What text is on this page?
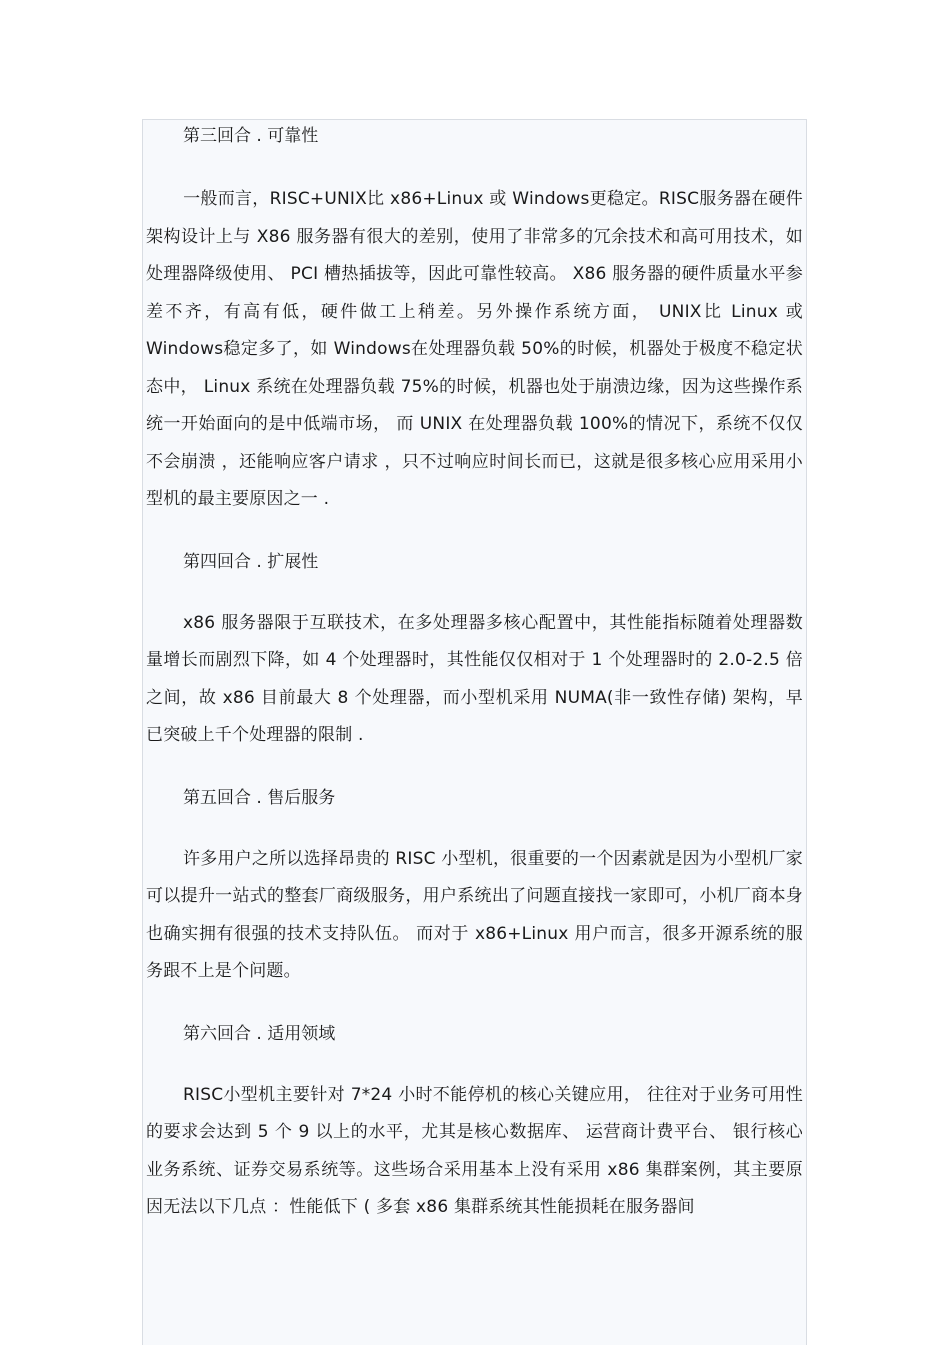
第三回合 . 可靠性

一般而言，RISC+UNIX比 x86+Linux 或 Windows更稳定。RISC服务器在硬件架构设计上与 X86 服务器有很大的差别，使用了非常多的冗余技术和高可用技术，如处理器降级使用、 PCI 槽热插拔等，因此可靠性较高。 X86 服务器的硬件质量水平参差不齐，有高有低，硬件做工上稍差。另外操作系统方面， UNIX比 Linux 或 Windows稳定多了，如 Windows在处理器负载 50%的时候，机器处于极度不稳定状态中， Linux 系统在处理器负载 75%的时候，机器也处于崩溃边缘，因为这些操作系统一开始面向的是中低端市场， 而 UNIX 在处理器负载 100%的情况下，系统不仅仅不会崩溃 ，还能响应客户请求 ，只不过响应时间长而已，这就是很多核心应用采用小型机的最主要原因之一 .

第四回合 . 扩展性

x86 服务器限于互联技术，在多处理器多核心配置中，其性能指标随着处理器数量增长而剧烈下降，如 4 个处理器时，其性能仅仅相对于 1 个处理器时的 2.0-2.5 倍之间，故 x86 目前最大 8 个处理器，而小型机采用 NUMA(非一致性存储) 架构，早已突破上千个处理器的限制 .

第五回合 . 售后服务

许多用户之所以选择昂贵的 RISC 小型机，很重要的一个因素就是因为小型机厂家可以提升一站式的整套厂商级服务，用户系统出了问题直接找一家即可，小机厂商本身也确实拥有很强的技术支持队伍。 而对于 x86+Linux 用户而言，很多开源系统的服务跟不上是个问题。

第六回合 . 适用领域

RISC小型机主要针对 7*24 小时不能停机的核心关键应用， 往往对于业务可用性的要求会达到 5 个 9 以上的水平，尤其是核心数据库、 运营商计费平台、 银行核心业务系统、证券交易系统等。这些场合采用基本上没有采用 x86 集群案例，其主要原因无法以下几点 ：性能低下 ( 多套 x86 集群系统其性能损耗在服务器间
